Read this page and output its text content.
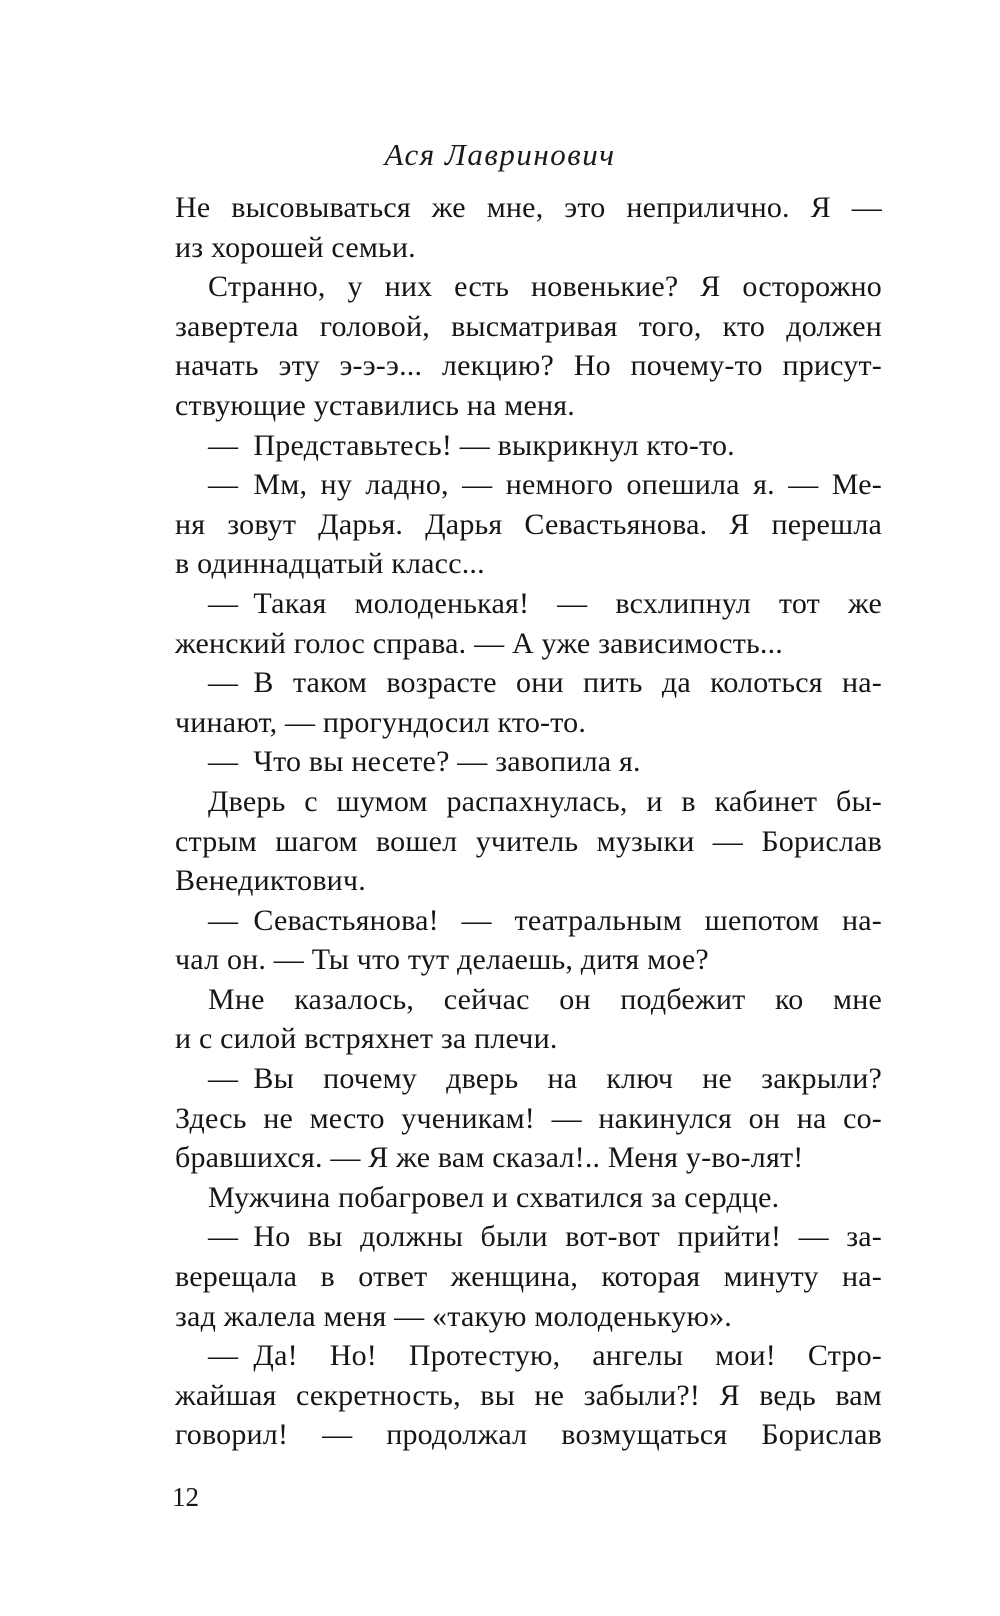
Ася Лавринович
Не высовываться же мне, это неприлично. Я —
из хорошей семьи.
Странно, у них есть новенькие? Я осторожно
завертела головой, высматривая того, кто должен
начать эту э-э-э... лекцию? Но почему-то присут-
ствующие уставились на меня.
— Представьтесь! — выкрикнул кто-то.
— Мм, ну ладно, — немного опешила я. — Ме-
ня зовут Дарья. Дарья Севастьянова. Я перешла
в одиннадцатый класс...
— Такая молоденькая! — всхлипнул тот же
женский голос справа. — А уже зависимость...
— В таком возрасте они пить да колоться на-
чинают, — прогундосил кто-то.
— Что вы несете? — завопила я.
Дверь с шумом распахнулась, и в кабинет бы-
стрым шагом вошел учитель музыки — Борислав
Венедиктович.
— Севастьянова! — театральным шепотом на-
чал он. — Ты что тут делаешь, дитя мое?
Мне казалось, сейчас он подбежит ко мне
и с силой встряхнет за плечи.
— Вы почему дверь на ключ не закрыли?
Здесь не место ученикам! — накинулся он на со-
бравшихся. — Я же вам сказал!.. Меня у-во-лят!
Мужчина побагровел и схватился за сердце.
— Но вы должны были вот-вот прийти! — за-
верещала в ответ женщина, которая минуту на-
зад жалела меня — «такую молоденькую».
— Да! Но! Протестую, ангелы мои! Стро-
жайшая секретность, вы не забыли?! Я ведь вам
говорил! — продолжал возмущаться Борислав
12
